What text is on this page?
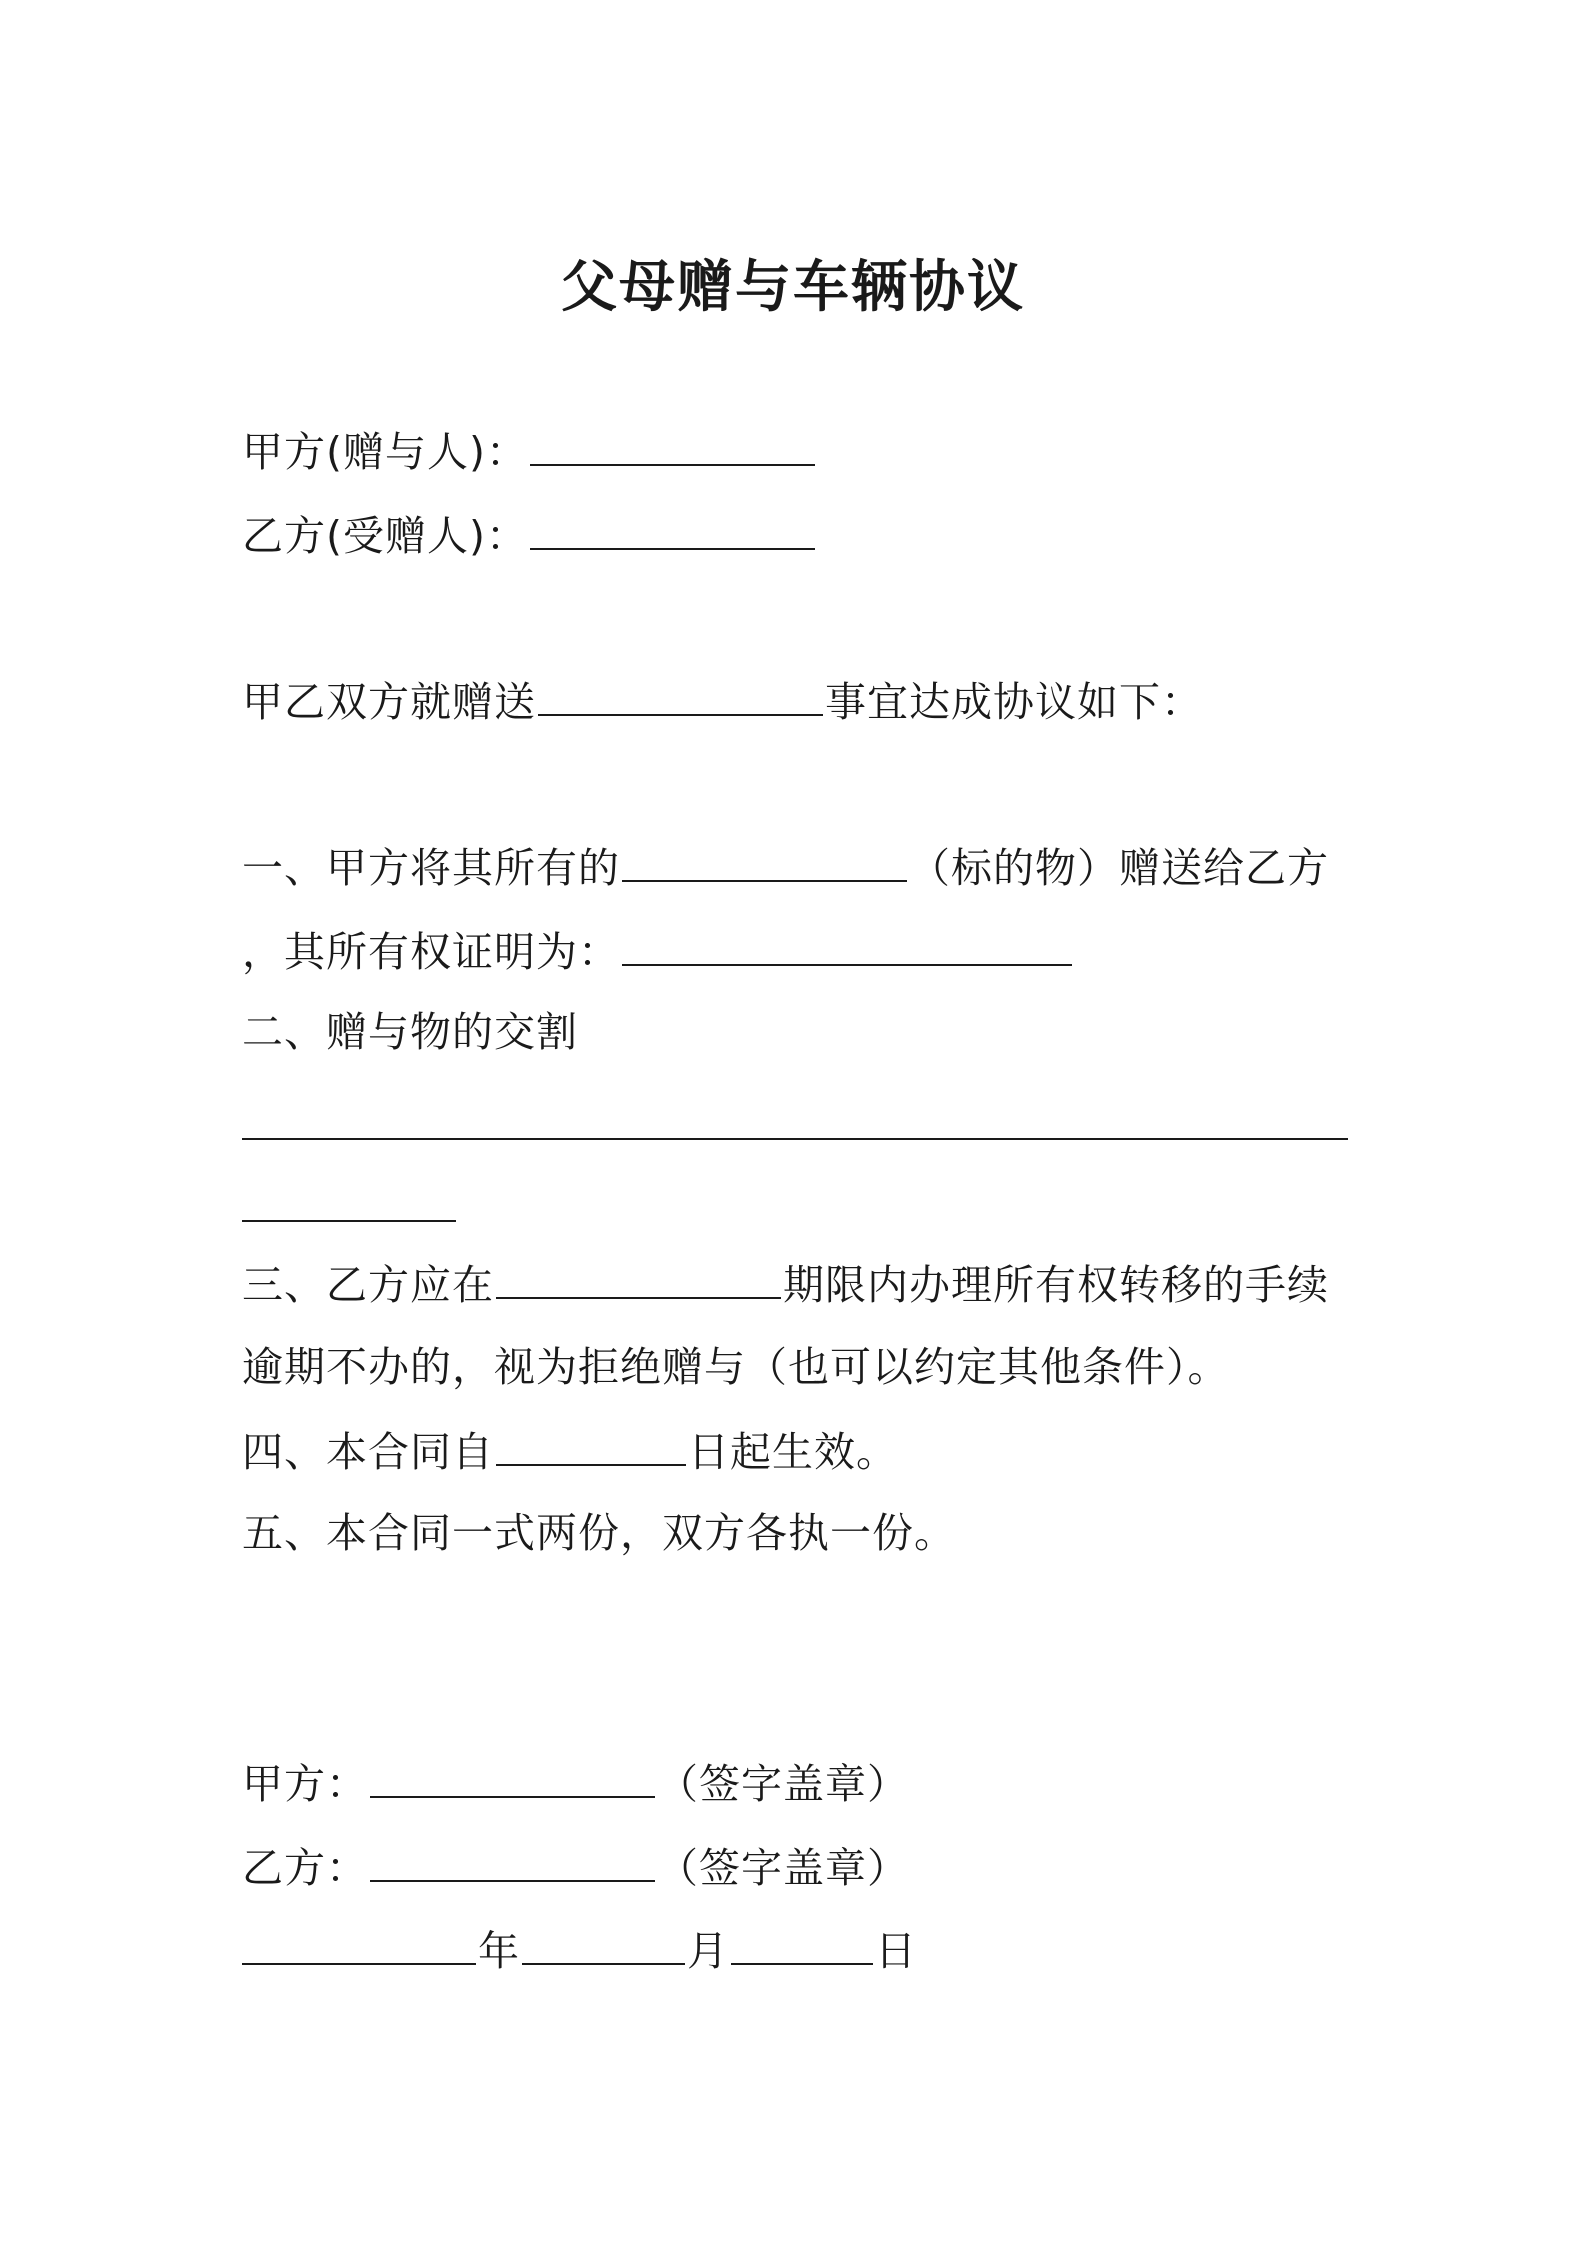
父母赠与车辆协议
甲方(赠与人)：
乙方(受赠人)：
甲乙双方就赠送	事宜达成协议如下：
一、甲方将其所有的	（标的物）赠送给乙方
，其所有权证明为：
二、赠与物的交割
三、乙方应在	期限内办理所有权转移的手续
逾期不办的，视为拒绝赠与（也可以约定其他条件）。
四、本合同自	日起生效。
五、本合同一式两份，双方各执一份。
甲方：	（签字盖章）
乙方：	（签字盖章）
年	月	日
